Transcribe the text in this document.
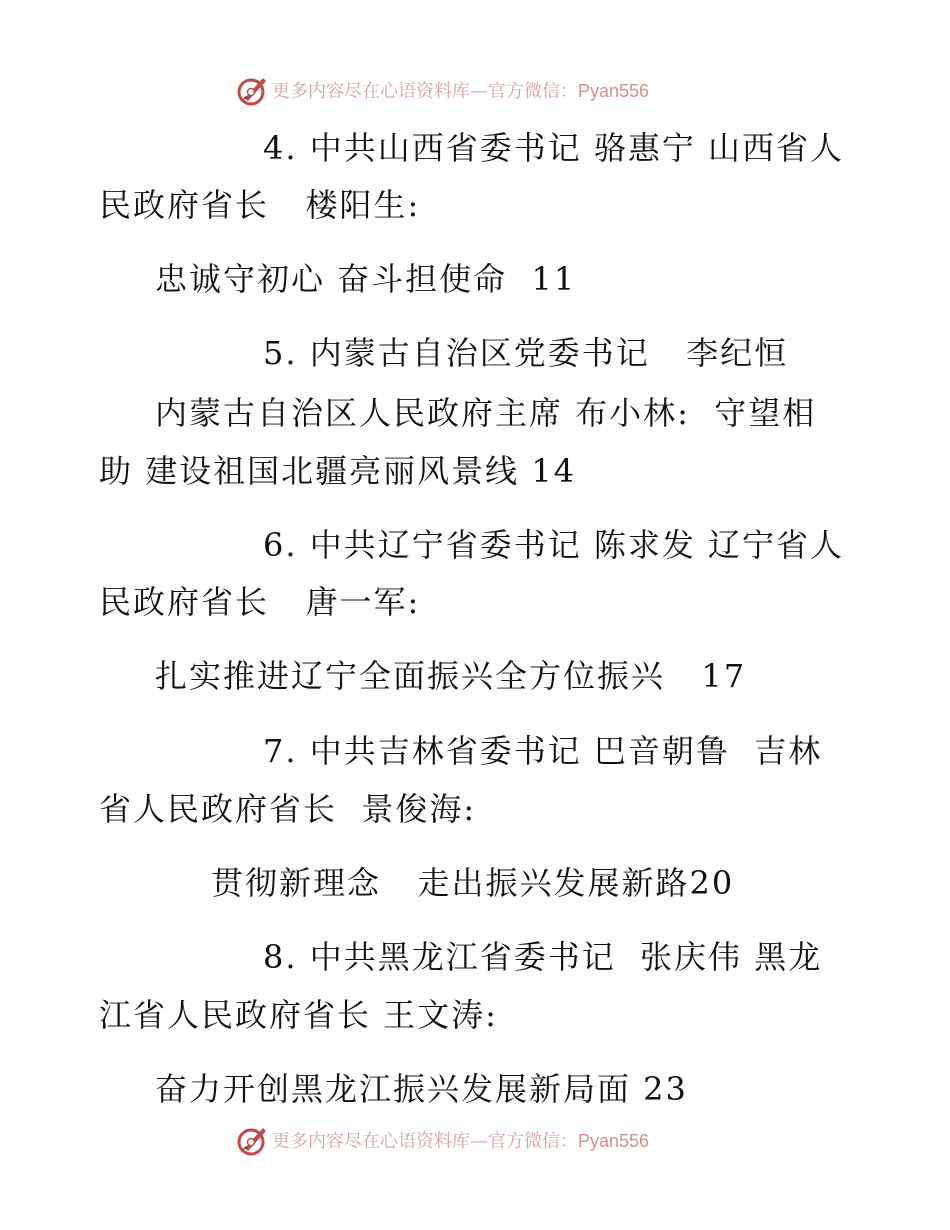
更多内容尽在心语资料库—官方微信：Pyan556
4. 中共山西省委书记 骆惠宁 山西省人
民政府省长   楼阳生:
忠诚守初心 奋斗担使命  11
5. 内蒙古自治区党委书记   李纪恒
内蒙古自治区人民政府主席 布小林:  守望相
助 建设祖国北疆亮丽风景线 14
6. 中共辽宁省委书记 陈求发 辽宁省人
民政府省长   唐一军:
扎实推进辽宁全面振兴全方位振兴   17
7. 中共吉林省委书记 巴音朝鲁  吉林
省人民政府省长  景俊海:
贯彻新理念   走出振兴发展新路20
8. 中共黑龙江省委书记  张庆伟 黑龙
江省人民政府省长 王文涛:
奋力开创黑龙江振兴发展新局面 23
更多内容尽在心语资料库—官方微信：Pyan556
